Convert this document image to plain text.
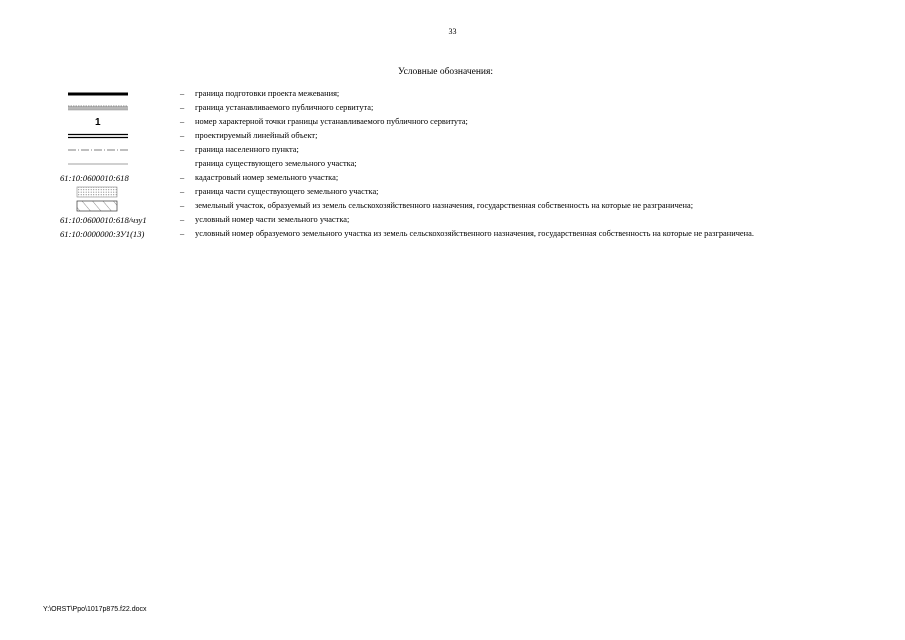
33
Условные обозначения:
– граница подготовки проекта межевания;
– граница устанавливаемого публичного сервитута;
1	– номер характерной точки границы устанавливаемого публичного сервитута;
– проектируемый линейный объект;
– граница населенного пункта;
граница существующего земельного участка;
61:10:0600010:618	– кадастровый номер земельного участка;
– граница части существующего земельного участка;
– земельный участок, образуемый из земель сельскохозяйственного назначения, государственная собственность на которые не разграничена;
61:10:0600010:618/чзу1	– условный номер части земельного участка;
61:10:0000000:ЗУ1(13)	– условный номер образуемого земельного участка из земель сельскохозяйственного назначения, государственная собственность на которые не разграничена.
Y:\ORST\Ppo\1017p875.f22.docx
